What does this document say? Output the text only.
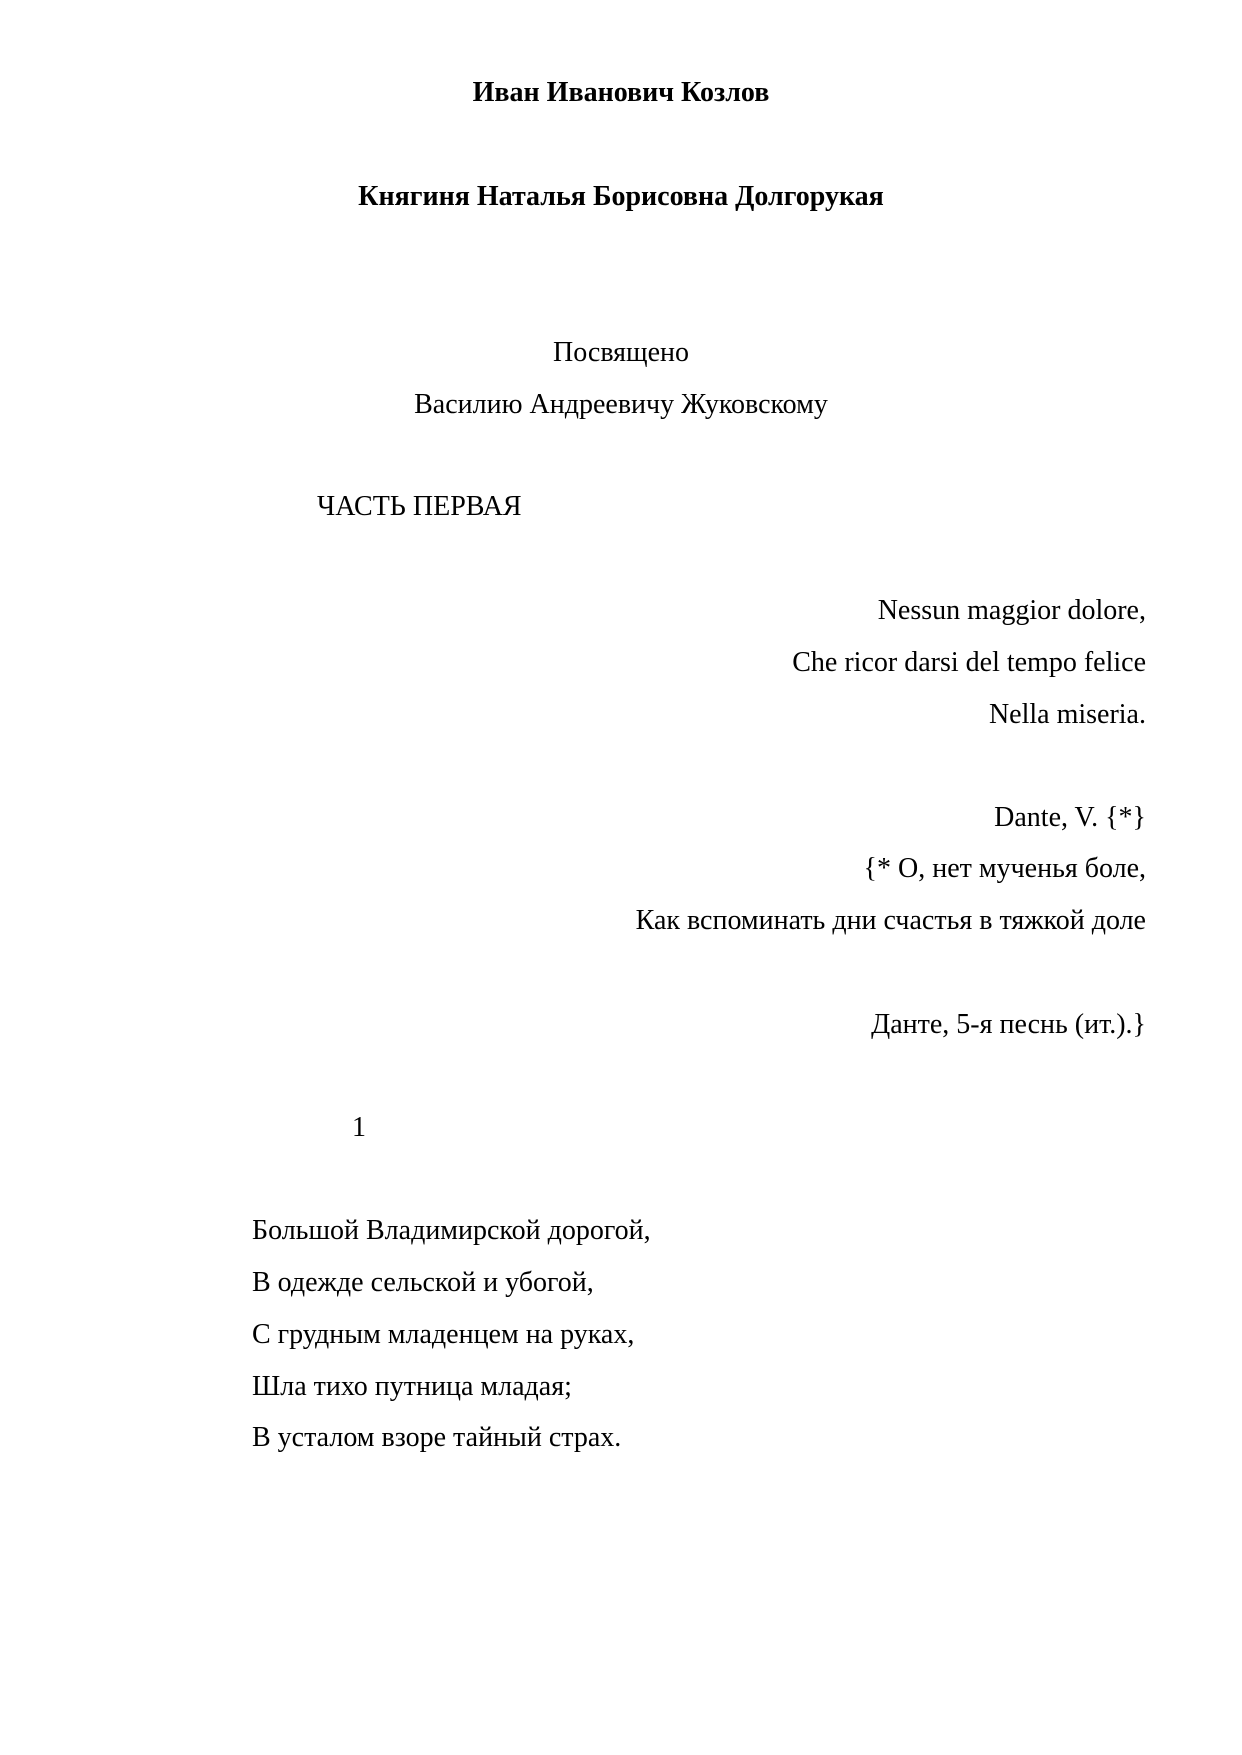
Иван Иванович Козлов

Княгиня Наталья Борисовна Долгорукая

Посвящено

Василию Андреевичу Жуковскому

ЧАСТЬ ПЕРВАЯ

Nessun maggior dolore,

Che ricor darsi del tempo felice

Nella miseria.

Dante, V. {*}

{* О, нет мученья боле,

Как вспоминать дни счастья в тяжкой доле

Данте, 5-я песнь (ит.).}

1

Большой Владимирской дорогой,

В одежде сельской и убогой,

С грудным младенцем на руках,

Шла тихо путница младая;

В усталом взоре тайный страх.
